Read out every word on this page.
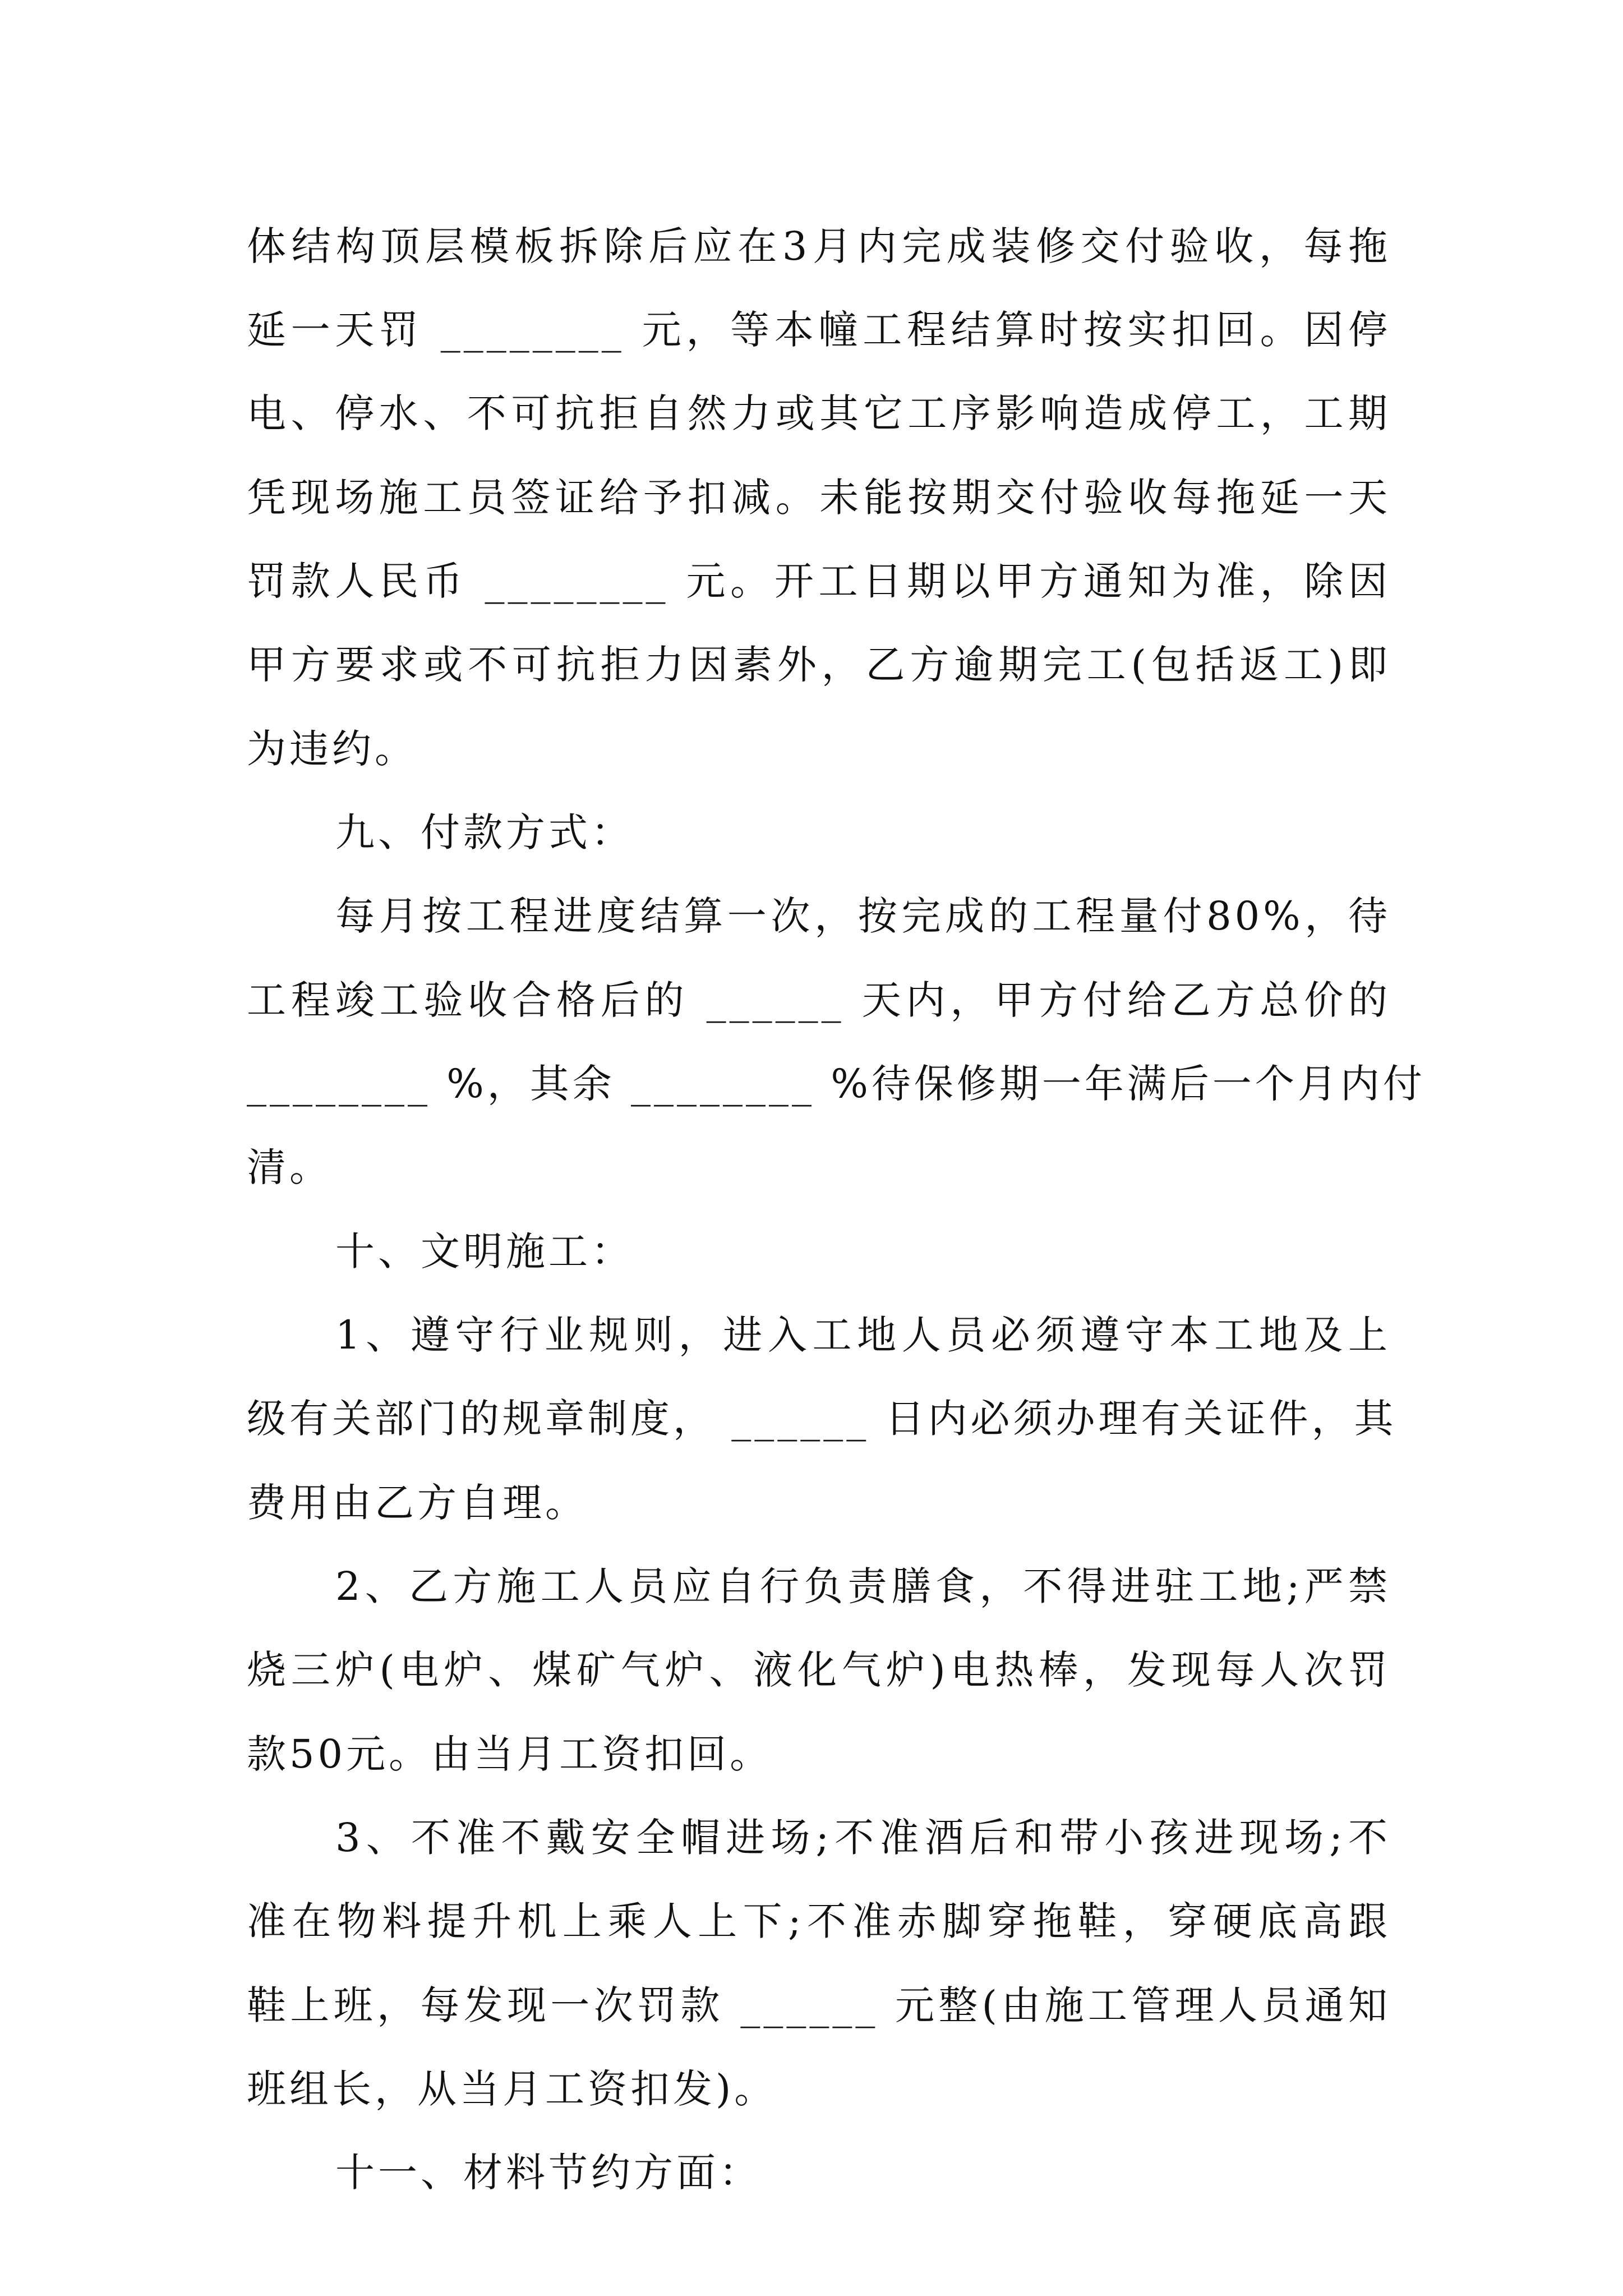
体结构顶层模板拆除后应在3月内完成装修交付验收，每拖
延一天罚 ________ 元，等本幢工程结算时按实扣回。因停
电、停水、不可抗拒自然力或其它工序影响造成停工，工期
凭现场施工员签证给予扣减。未能按期交付验收每拖延一天
罚款人民币 ________ 元。开工日期以甲方通知为准，除因
甲方要求或不可抗拒力因素外，乙方逾期完工(包括返工)即
为违约。
九、付款方式：
每月按工程进度结算一次，按完成的工程量付80%，待
工程竣工验收合格后的 ______ 天内，甲方付给乙方总价的
________ %，其余 ________ %待保修期一年满后一个月内付
清。
十、文明施工：
1、遵守行业规则，进入工地人员必须遵守本工地及上
级有关部门的规章制度， ______ 日内必须办理有关证件，其
费用由乙方自理。
2、乙方施工人员应自行负责膳食，不得进驻工地;严禁
烧三炉(电炉、煤矿气炉、液化气炉)电热棒，发现每人次罚
款50元。由当月工资扣回。
3、不准不戴安全帽进场;不准酒后和带小孩进现场;不
准在物料提升机上乘人上下;不准赤脚穿拖鞋，穿硬底高跟
鞋上班，每发现一次罚款 ______ 元整(由施工管理人员通知
班组长，从当月工资扣发)。
十一、材料节约方面：
